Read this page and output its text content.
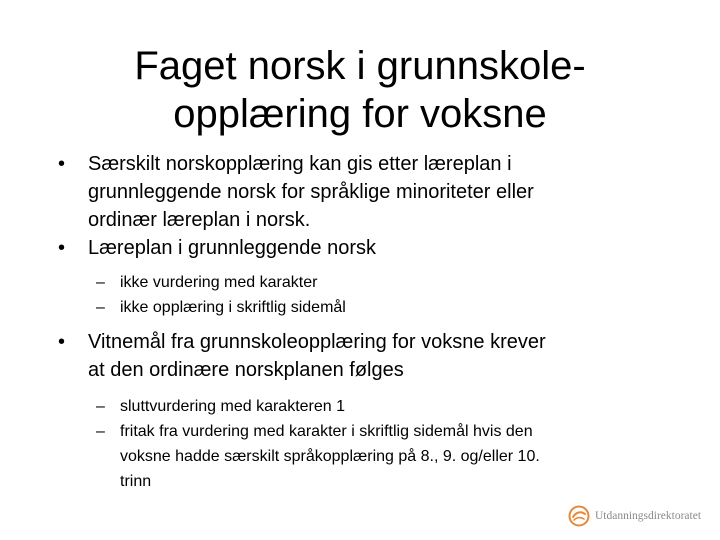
Faget norsk i grunnskole-
opplæring for voksne
•	Særskilt norskopplæring kan gis etter læreplan i
grunnleggende norsk for språklige minoriteter eller
ordinær læreplan i norsk.
•	Læreplan i grunnleggende norsk
– ikke vurdering med karakter
– ikke opplæring i skriftlig sidemål
•	Vitnemål fra grunnskoleopplæring for voksne krever
at den ordinære norskplanen følges
– sluttvurdering med karakteren 1
– fritak fra vurdering med karakter i skriftlig sidemål hvis den
voksne hadde særskilt språkopplæring på 8., 9. og/eller 10.
trinn
Utdanningsdirektoratet
